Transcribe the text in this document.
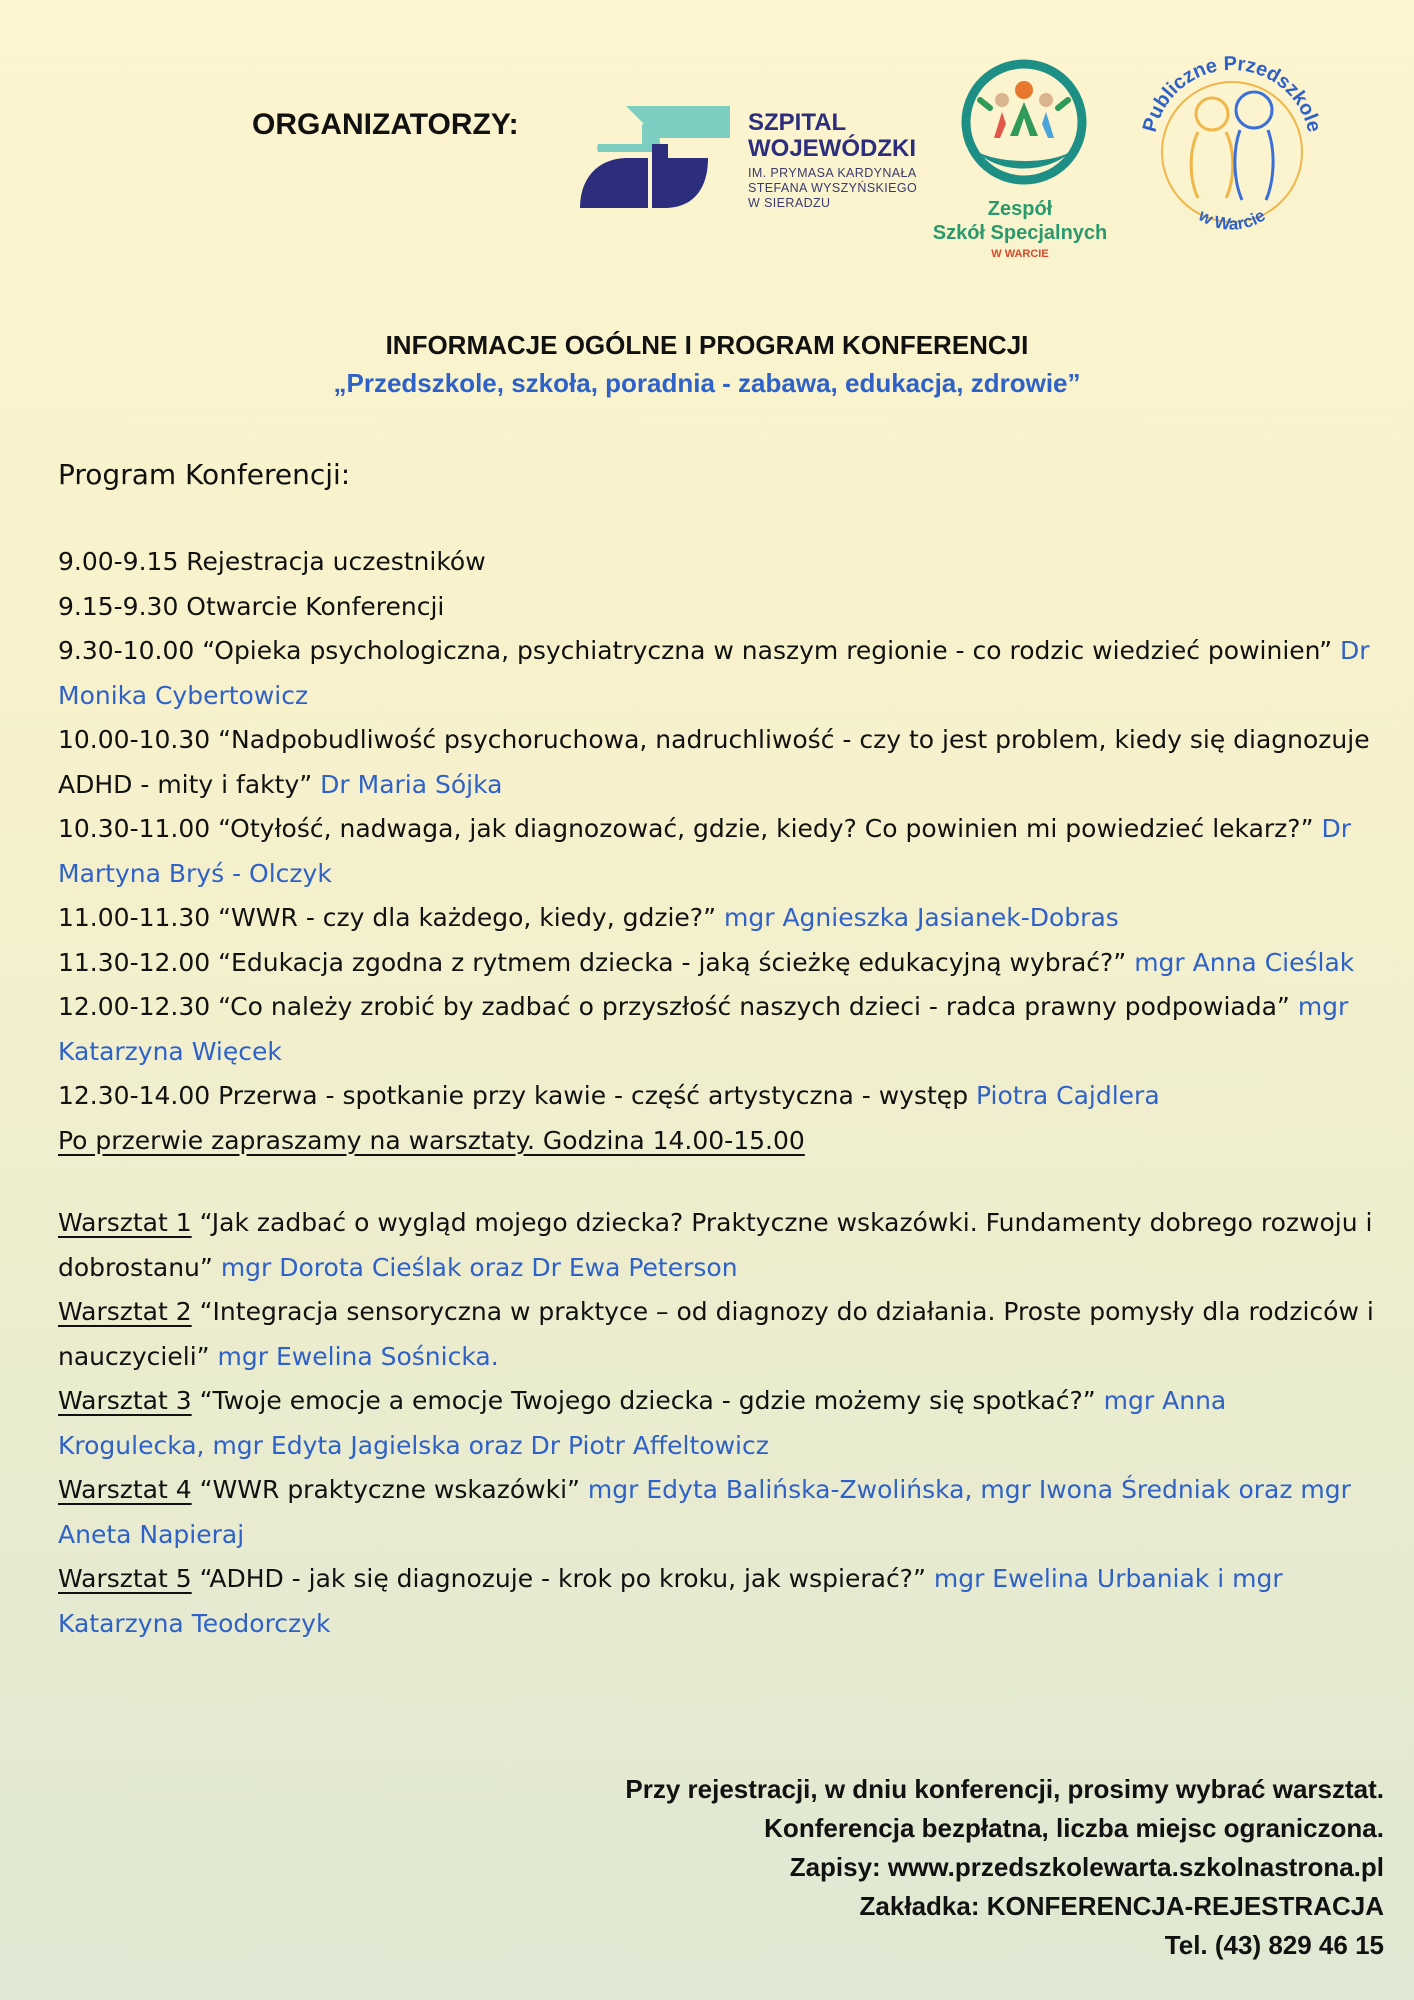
ORGANIZATORZY:	SZPITAL
WOJEWÓDZKI
IM. PRYMASA KARDYNAŁA
STEFANA WYSZYŃSKIEGO
W SIERADZU	Zespół
Szkół Specjalnych
W WARCIE
Publiczne Przedszkole
w Warcie
INFORMACJE OGÓLNE I PROGRAM KONFERENCJI
„Przedszkole, szkoła, poradnia - zabawa, edukacja, zdrowie”
Program Konferencji:

9.00-9.15 Rejestracja uczestników

9.15-9.30 Otwarcie Konferencji

9.30-10.00 “Opieka psychologiczna, psychiatryczna w naszym regionie - co rodzic wiedzieć powinien” Dr Monika Cybertowicz

10.00-10.30 “Nadpobudliwość psychoruchowa, nadruchliwość - czy to jest problem, kiedy się diagnozuje ADHD - mity i fakty” Dr Maria Sójka

10.30-11.00 “Otyłość, nadwaga, jak diagnozować, gdzie, kiedy? Co powinien mi powiedzieć lekarz?” Dr Martyna Bryś - Olczyk

11.00-11.30 “WWR - czy dla każdego, kiedy, gdzie?” mgr Agnieszka Jasianek-Dobras

11.30-12.00 “Edukacja zgodna z rytmem dziecka - jaką ścieżkę edukacyjną wybrać?” mgr Anna Cieślak

12.00-12.30 “Co należy zrobić by zadbać o przyszłość naszych dzieci - radca prawny podpowiada” mgr Katarzyna Więcek

12.30-14.00 Przerwa - spotkanie przy kawie - część artystyczna - występ Piotra Cajdlera

Po przerwie zapraszamy na warsztaty. Godzina 14.00-15.00

Warsztat 1 “Jak zadbać o wygląd mojego dziecka? Praktyczne wskazówki. Fundamenty dobrego rozwoju i dobrostanu” mgr Dorota Cieślak oraz Dr Ewa Peterson

Warsztat 2 “Integracja sensoryczna w praktyce – od diagnozy do działania. Proste pomysły dla rodziców i nauczycieli” mgr Ewelina Sośnicka.

Warsztat 3 “Twoje emocje a emocje Twojego dziecka - gdzie możemy się spotkać?” mgr Anna Krogulecka, mgr Edyta Jagielska oraz Dr Piotr Affeltowicz

Warsztat 4 “WWR praktyczne wskazówki” mgr Edyta Balińska-Zwolińska, mgr Iwona Średniak oraz mgr Aneta Napieraj

Warsztat 5 “ADHD - jak się diagnozuje - krok po kroku, jak wspierać?” mgr Ewelina Urbaniak i mgr Katarzyna Teodorczyk

Przy rejestracji, w dniu konferencji, prosimy wybrać warsztat.
Konferencja bezpłatna, liczba miejsc ograniczona.
Zapisy: www.przedszkolewarta.szkolnastrona.pl
Zakładka: KONFERENCJA-REJESTRACJA
Tel. (43) 829 46 15
